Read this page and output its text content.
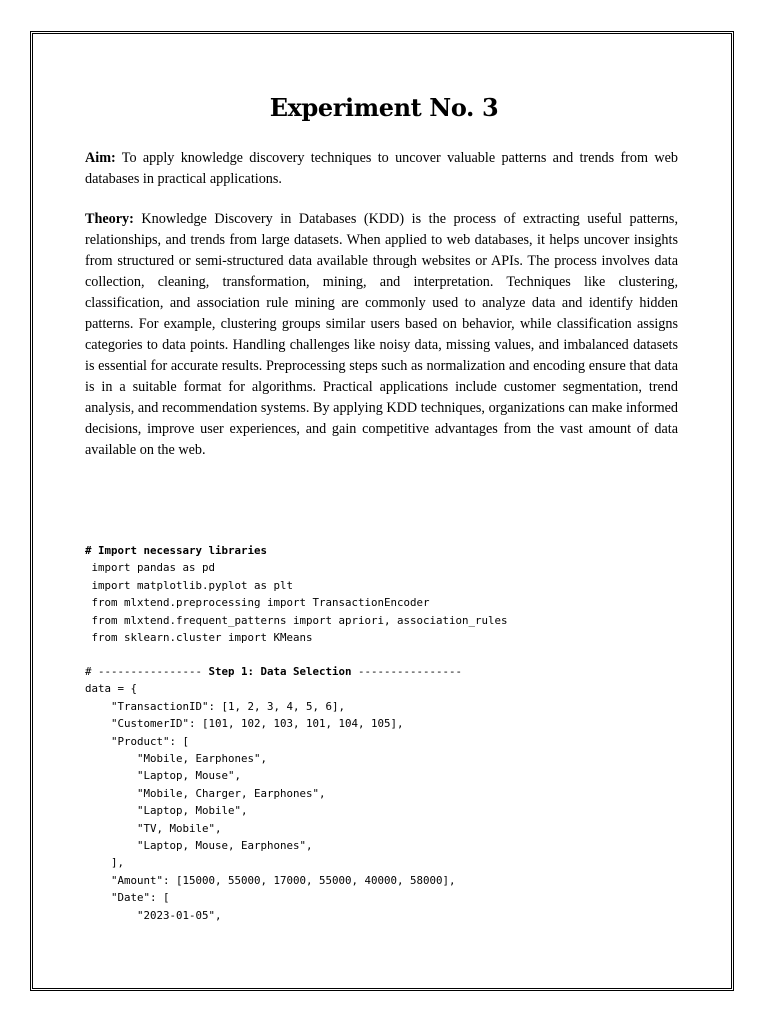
Experiment No. 3
Aim: To apply knowledge discovery techniques to uncover valuable patterns and trends from web databases in practical applications.
Theory: Knowledge Discovery in Databases (KDD) is the process of extracting useful patterns, relationships, and trends from large datasets. When applied to web databases, it helps uncover insights from structured or semi-structured data available through websites or APIs. The process involves data collection, cleaning, transformation, mining, and interpretation. Techniques like clustering, classification, and association rule mining are commonly used to analyze data and identify hidden patterns. For example, clustering groups similar users based on behavior, while classification assigns categories to data points. Handling challenges like noisy data, missing values, and imbalanced datasets is essential for accurate results. Preprocessing steps such as normalization and encoding ensure that data is in a suitable format for algorithms. Practical applications include customer segmentation, trend analysis, and recommendation systems. By applying KDD techniques, organizations can make informed decisions, improve user experiences, and gain competitive advantages from the vast amount of data available on the web.
# Import necessary libraries
import pandas as pd
import matplotlib.pyplot as plt
from mlxtend.preprocessing import TransactionEncoder
from mlxtend.frequent_patterns import apriori, association_rules
from sklearn.cluster import KMeans
# ---------------- Step 1: Data Selection ----------------
data = {
"TransactionID": [1, 2, 3, 4, 5, 6],
"CustomerID": [101, 102, 103, 101, 104, 105],
"Product": [
"Mobile, Earphones",
"Laptop, Mouse",
"Mobile, Charger, Earphones",
"Laptop, Mobile",
"TV, Mobile",
"Laptop, Mouse, Earphones",
],
"Amount": [15000, 55000, 17000, 55000, 40000, 58000],
"Date": [
"2023-01-05",
